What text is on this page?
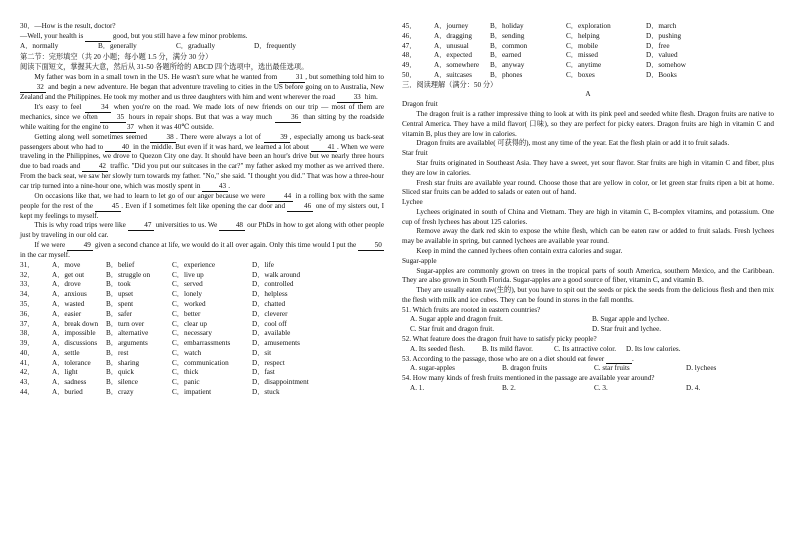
30．—How is the result, doctor?

—Well, your health is	good, but you still have a few minor problems.

A．normally	B．generally	C．gradually	D．frequently

第二节：完形填空（共 20 小题；每小题 1.5 分，满分 30 分）

阅读下面短文，掌握其大意，然后从 31-50 各题所给的 ABCD 四个选项中，选出最佳选项。

My father was born in a small town in the US. He wasn't sure what he wanted from	31 , but something told him to 32 and begin a new adventure. He began that adventure traveling to cities in the US before going on to Australia, New Zealand and the Philippines. He took my mother and us three daughters with him and went wherever the road	33 him.

It's easy to feel	34 when you're on the road. We made lots of new friends on our trip — most of them are mechanics, since we often	35 hours in repair shops. But that was a way much	36 than sitting by the roadside while waiting for the engine to	37 when it was 40℃ outside.

Getting along well sometimes seemed	38 . There were always a lot of	39 , especially among us back-seat passengers about who had to	40 in the middle. But even if it was hard, we learned a lot about	41 . When we were traveling in the Philippines, we drove to Quezon City one day. It should have been an hour's drive but we nearly three hours due to bad roads and	42 traffic. "Did you put our suitcases in the car?" my father asked my mother as we arrived there. From the back seat, we saw her slowly turn towards my father. "No," she said. "I thought you did." That was how a three-hour car trip turned into a nine-hour one, which was mostly spent in	43 .

On occasions like that, we had to learn to let go of our anger because we were	44 in a rolling box with the same people for the rest of the	45 . Even if I sometimes felt like opening the car door and	46 one of my sisters out, I kept my feelings to myself.

This is why road trips were like	47 universities to us. We	48 our PhDs in how to get along with other people just by traveling in our old car.

If we were	49 given a second chance at life, we would do it all over again. Only this time would I put the	50 in the car myself.

31．	A．move	B．belief	C．experience	D．life
32．	A．get out	B．struggle on	C．live up	D．walk around
33．	A．drove	B．took	C．served	D．controlled
34．	A．anxious	B．upset	C．lonely	D．helpless
35．	A．wasted	B．spent	C．worked	D．chatted
36．	A．easier	B．safer	C．better	D．cleverer
37．	A．break down	B．turn over	C．clear up	D．cool off
38．	A．impossible	B．alternative	C．necessary	D．available
39．	A．discussions	B．arguments	C．embarrassments	D．amusements
40．	A．settle	B．rest	C．watch	D．sit
41．	A．tolerance	B．sharing	C．communication	D．respect
42．	A．light	B．quick	C．thick	D．fast
43．	A．sadness	B．silence	C．panic	D．disappointment
44．	A．buried	B．crazy	C．impatient	D．stuck
45．	A．journey	B．holiday	C．exploration	D．march
46．	A．dragging	B．sending	C．helping	D．pushing
47．	A．unusual	B．common	C．mobile	D．free
48．	A．expected	B．earned	C．missed	D．valued
49．	A．somewhere	B．anyway	C．anytime	D．somehow
50．	A．suitcases	B．phones	C．boxes	D．Books

三．阅读理解（满分：50 分）

A

Dragon fruit

The dragon fruit is a rather impressive thing to look at with its pink peel and seeded white flesh. Dragon fruits are native to Central America. They have a mild flavor( 口味), so they are perfect for picky eaters. Dragon fruits are high in vitamin C and vitamin B, plus they are low in calories.

Dragon fruits are available( 可获得的), most any time of the year. Eat the flesh plain or add it to fruit salads.

Star fruit

Star fruits originated in Southeast Asia. They have a sweet, yet sour flavor. Star fruits are high in vitamin C and fiber, plus they are low in calories.

Fresh star fruits are available year round. Choose those that are yellow in color, or let green star fruits ripen a bit at home. Sliced star fruits can be added to salads or eaten out of hand.

Lychee

Lychees originated in south of China and Vietnam. They are high in vitamin C, B-complex vitamins, and potassium. One cup of fresh lychees has about 125 calories.

Remove away the dark red skin to expose the white flesh, which can be eaten raw or added to fruit salads. Fresh lychees may be available in spring, but canned lychees are available year round.

Keep in mind the canned lychees often contain extra calories and sugar.

Sugar-apple

Sugar-apples are commonly grown on trees in the tropical parts of south America, southern Mexico, and the Caribbean. They are also grown in South Florida. Sugar-apples are a good source of fiber, vitamin C, and vitamin B.

They are usually eaten raw(生的), but you have to spit out the seeds or pick the seeds from the delicious flesh and then mix the flesh with milk and ice cubes. They can be found in stores in the fall months.

51. Which fruits are rooted in eastern countries?

A. Sugar apple and dragon fruit.	B. Sugar apple and lychee.
C. Star fruit and dragon fruit.	D. Star fruit and lychee.

52. What feature does the dragon fruit have to satisfy picky people?

A. Its seeded flesh.	B. Its mild flavor.	C. Its attractive color.	D. Its low calories.

53. According to the passage, those who are on a diet should eat fewer	.

A. sugar-apples	B. dragon fruits	C. star fruits	D. lychees

54. How many kinds of fresh fruits mentioned in the passage are available year around?

A. 1.	B. 2.	C. 3.	D. 4.
